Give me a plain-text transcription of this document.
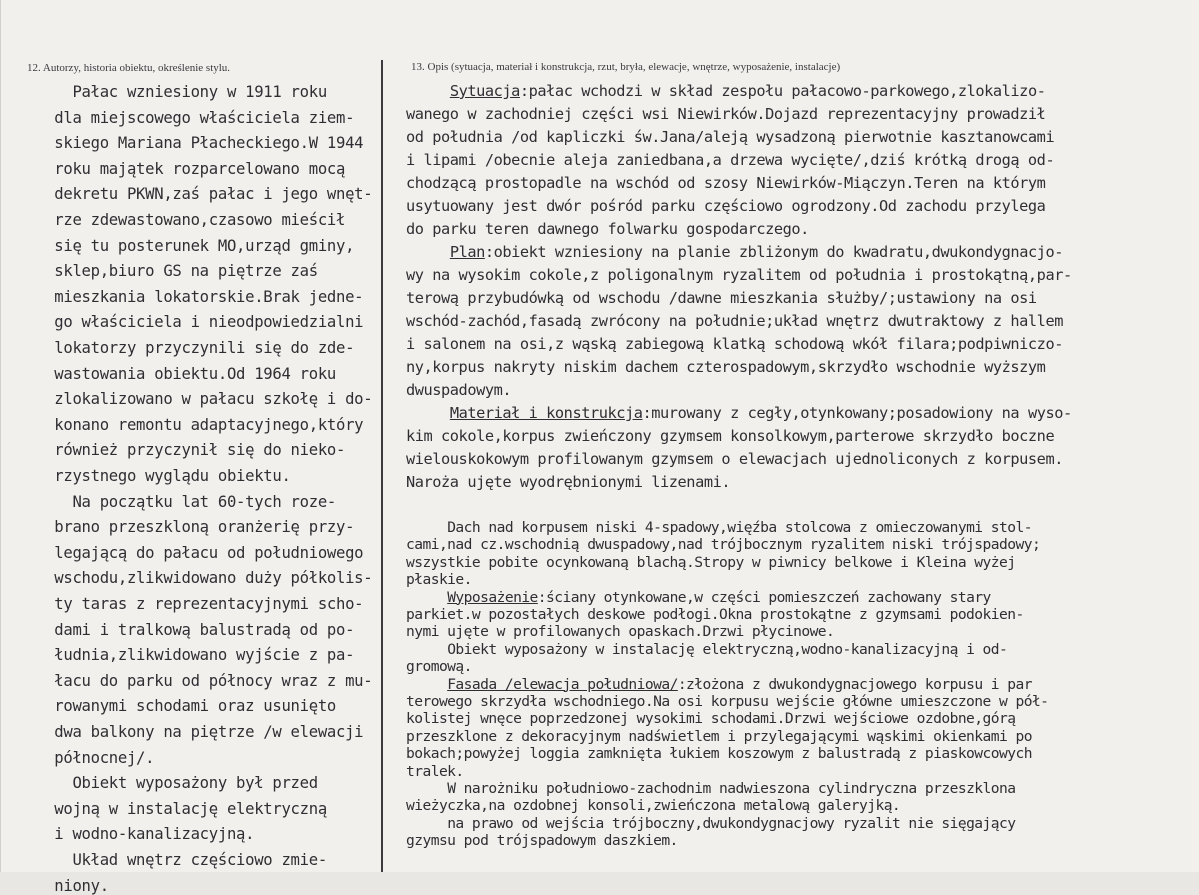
12. Autorzy, historia obiektu, określenie stylu.	13. Opis (sytuacja, materiał i konstrukcja, rzut, bryła, elewacje, wnętrze, wyposażenie, instalacje)
Pałac wzniesiony w 1911 roku
dla miejscowego właściciela ziem-
skiego Mariana Płacheckiego.W 1944
roku majątek rozparcelowano mocą
dekretu PKWN,zaś pałac i jego wnęt-
rze zdewastowano,czasowo mieścił
się tu posterunek MO,urząd gminy,
sklep,biuro GS na piętrze zaś
mieszkania lokatorskie.Brak jedne-
go właściciela i nieodpowiedzialni
lokatorzy przyczynili się do zde-
wastowania obiektu.Od 1964 roku
zlokalizowano w pałacu szkołę i do-
konano remontu adaptacyjnego,który
również przyczynił się do nieko-
rzystnego wyglądu obiektu.
Na początku lat 60-tych roze-
brano przeszkloną oranżerię przy-
legającą do pałacu od południowego
wschodu,zlikwidowano duży półkolis-
ty taras z reprezentacyjnymi scho-
dami i tralkową balustradą od po-
łudnia,zlikwidowano wyjście z pa-
łacu do parku od północy wraz z mu-
rowanymi schodami oraz usunięto
dwa balkony na piętrze /w elewacji
północnej/.
Obiekt wyposażony był przed
wojną w instalację elektryczną
i wodno-kanalizacyjną.
Układ wnętrz częściowo zmie-
niony.
Sytuacja:pałac wchodzi w skład zespołu pałacowo-parkowego,zlokalizo-
wanego w zachodniej części wsi Niewirków.Dojazd reprezentacyjny prowadził
od południa /od kapliczki św.Jana/aleją wysadzoną pierwotnie kasztanowcami
i lipami /obecnie aleja zaniedbana,a drzewa wycięte/,dziś krótką drogą od-
chodzącą prostopadle na wschód od szosy Niewirków-Miączyn.Teren na którym
usytuowany jest dwór pośród parku częściowo ogrodzony.Od zachodu przylega
do parku teren dawnego folwarku gospodarczego.
Plan:obiekt wzniesiony na planie zbliżonym do kwadratu,dwukondygnacjo-
wy na wysokim cokole,z poligonalnym ryzalitem od południa i prostokątną,par-
terową przybudówką od wschodu /dawne mieszkania służby/;ustawiony na osi
wschód-zachód,fasadą zwrócony na południe;układ wnętrz dwutraktowy z hallem
i salonem na osi,z wąską zabiegową klatką schodową wkół filara;podpiwniczo-
ny,korpus nakryty niskim dachem czterospadowym,skrzydło wschodnie wyższym
dwuspadowym.
Materiał i konstrukcja:murowany z cegły,otynkowany;posadowiony na wyso-
kim cokole,korpus zwieńczony gzymsem konsolkowym,parterowe skrzydło boczne
wielouskokowym profilowanym gzymsem o elewacjach ujednoliconych z korpusem.
Naroża ujęte wyodrębnionymi lizenami.
Dach nad korpusem niski 4-spadowy,więźba stolcowa z omieczowanymi stol-
cami,nad cz.wschodnią dwuspadowy,nad trójbocznym ryzalitem niski trójspadowy;
wszystkie pobite ocynkowaną blachą.Stropy w piwnicy belkowe i Kleina wyżej
płaskie.
Wyposażenie:ściany otynkowane,w części pomieszczeń zachowany stary
parkiet.w pozostałych deskowe podłogi.Okna prostokątne z gzymsami podokien-
nymi ujęte w profilowanych opaskach.Drzwi płycinowe.
Obiekt wyposażony w instalację elektryczną,wodno-kanalizacyjną i od-
gromową.
Fasada /elewacja południowa/:złożona z dwukondygnacjowego korpusu i par
terowego skrzydła wschodniego.Na osi korpusu wejście główne umieszczone w pół-
kolistej wnęce poprzedzonej wysokimi schodami.Drzwi wejściowe ozdobne,górą
przeszklone z dekoracyjnym nadświetlem i przylegającymi wąskimi okienkami po
bokach;powyżej loggia zamknięta łukiem koszowym z balustradą z piaskowcowych
tralek.
W narożniku południowo-zachodnim nadwieszona cylindryczna przeszklona
wieżyczka,na ozdobnej konsoli,zwieńczona metalową galeryjką.
na prawo od wejścia trójboczny,dwukondygnacjowy ryzalit nie sięgający
gzymsu pod trójspadowym daszkiem.
